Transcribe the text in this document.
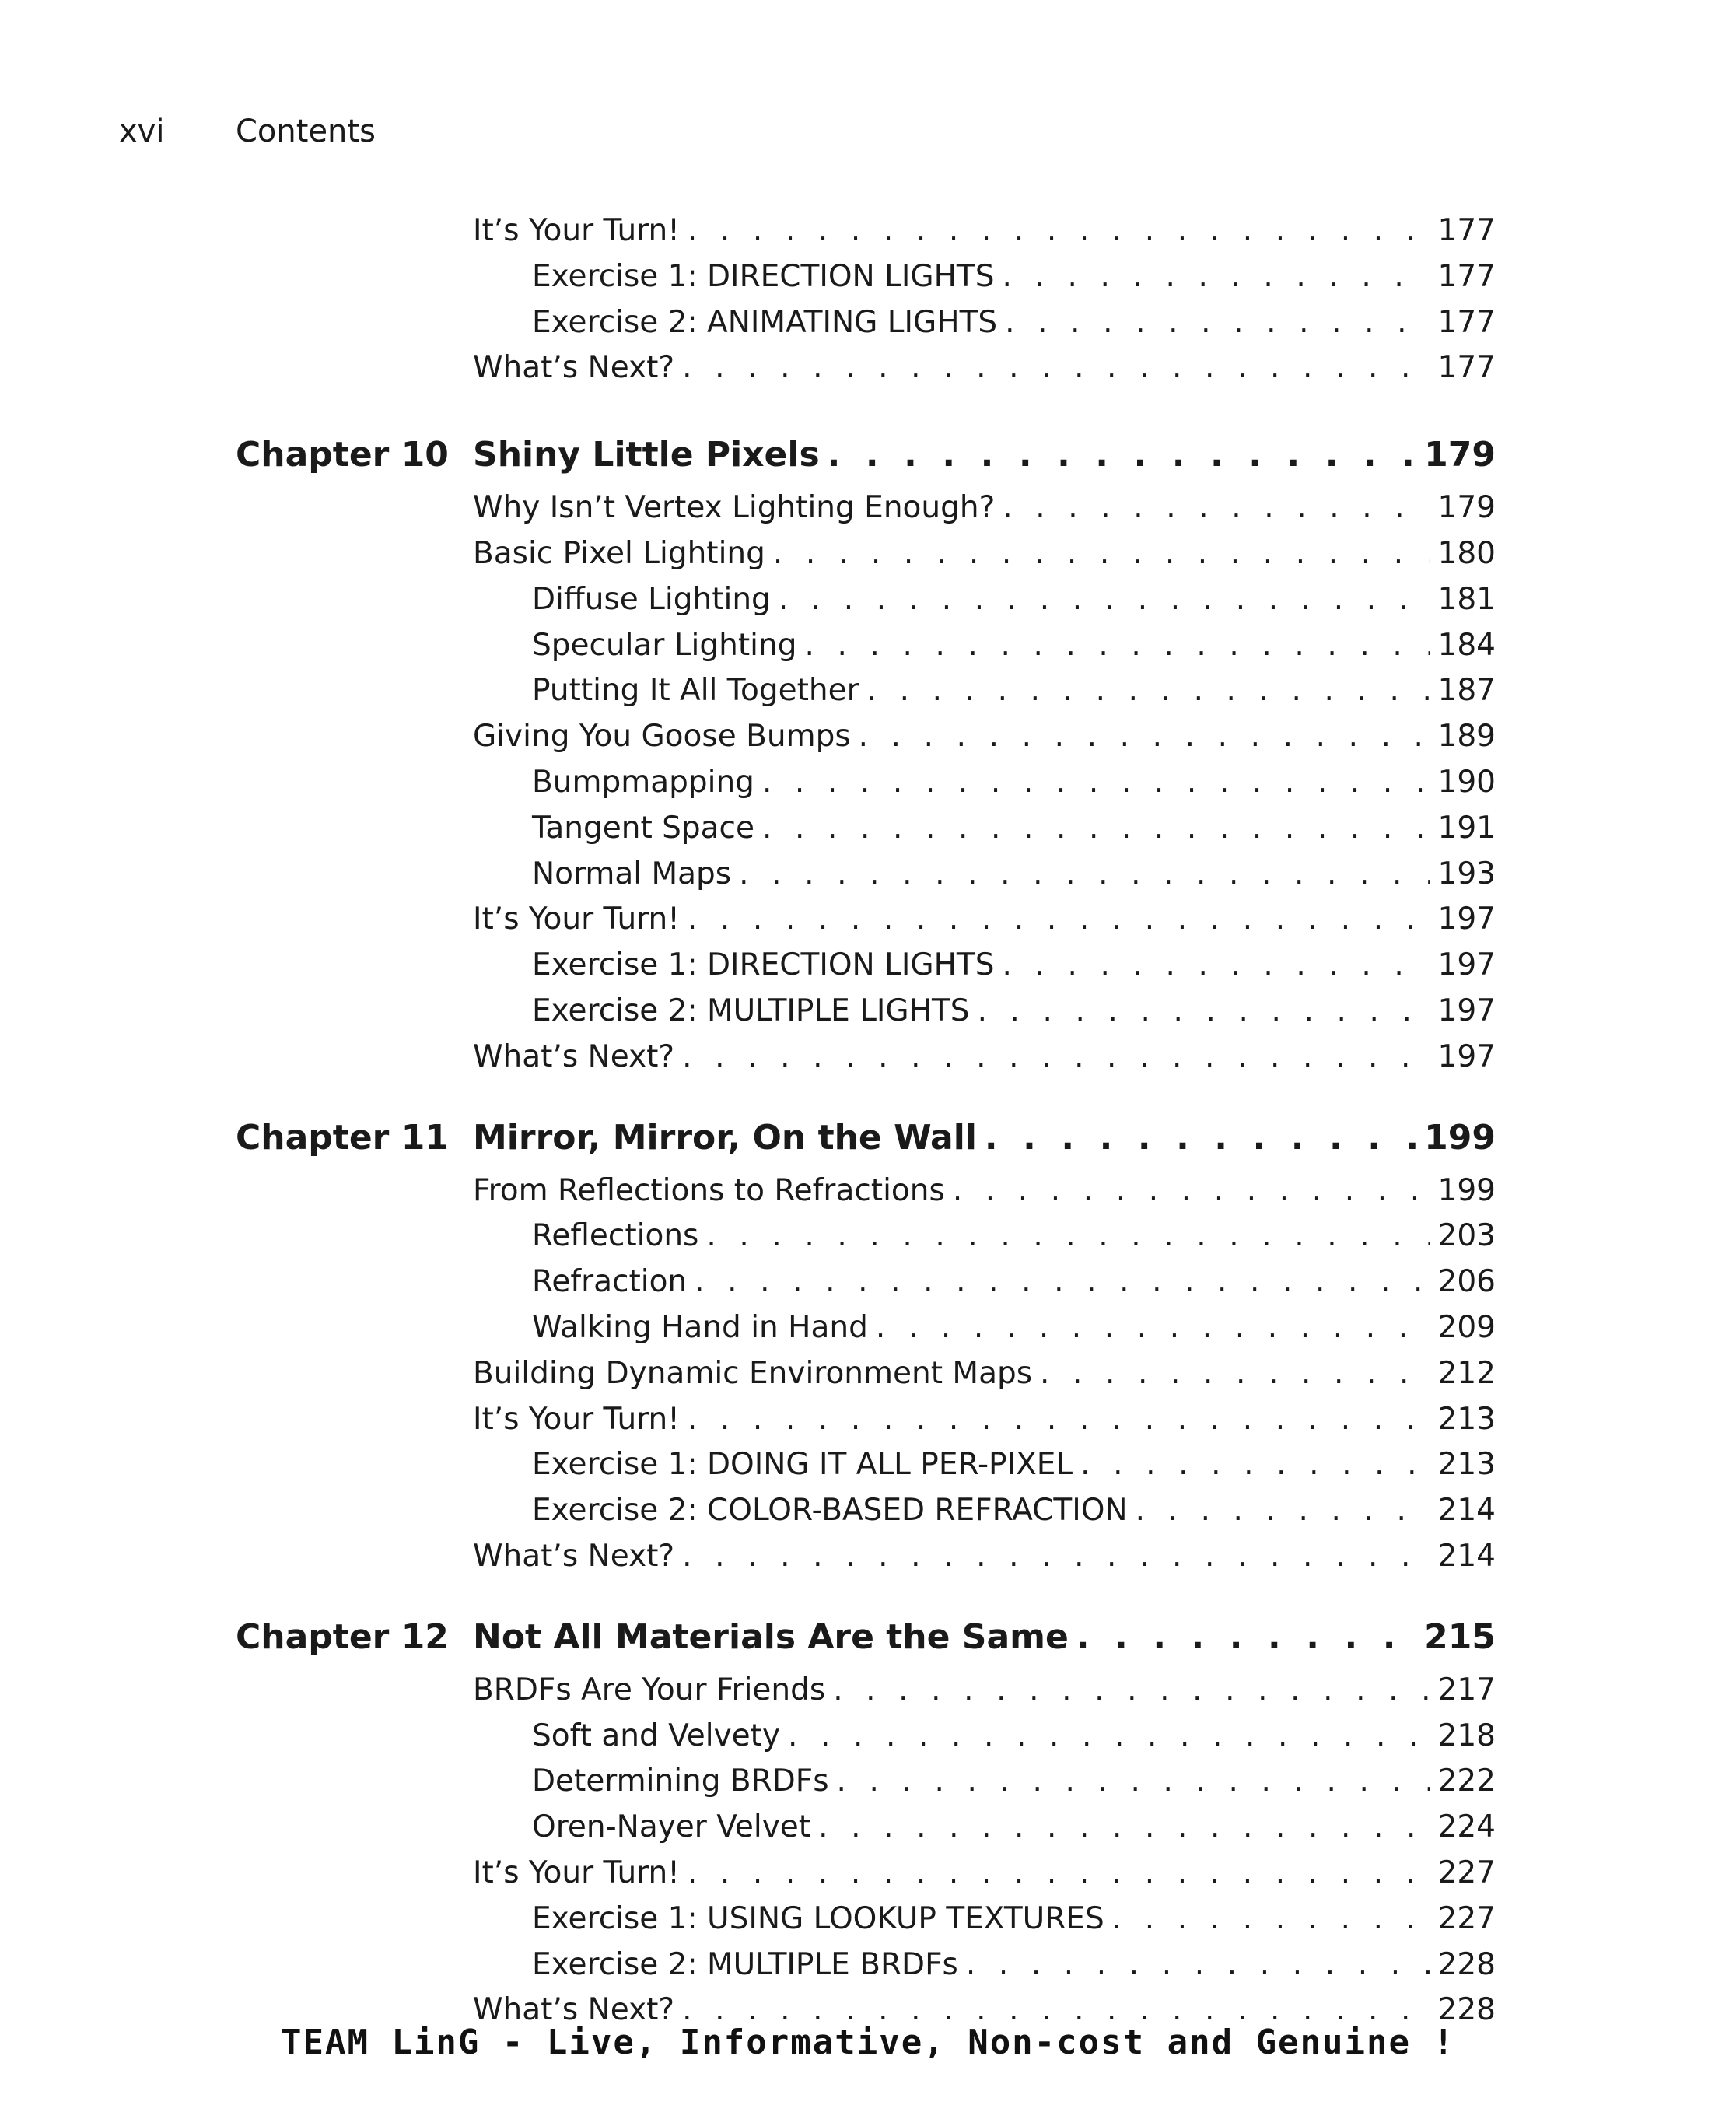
xvi Contents
It’s Your Turn! . . .	177
Exercise 1: DIRECTION LIGHTS . . .	177
Exercise 2: ANIMATING LIGHTS . . .	177
What’s Next? . . .	177
Chapter 10 Shiny Little Pixels . . .	179
Why Isn’t Vertex Lighting Enough? . . .	179
Basic Pixel Lighting . . .	180
Diffuse Lighting . . .	181
Specular Lighting . . .	184
Putting It All Together . . .	187
Giving You Goose Bumps . . .	189
Bumpmapping . . .	190
Tangent Space . . .	191
Normal Maps . . .	193
It’s Your Turn! . . .	197
Exercise 1: DIRECTION LIGHTS . . .	197
Exercise 2: MULTIPLE LIGHTS . . .	197
What’s Next? . . .	197
Chapter 11 Mirror, Mirror, On the Wall . . .	199
From Reflections to Refractions . . .	199
Reflections . . .	203
Refraction . . .	206
Walking Hand in Hand . . .	209
Building Dynamic Environment Maps . . .	212
It’s Your Turn! . . .	213
Exercise 1: DOING IT ALL PER-PIXEL . . .	213
Exercise 2: COLOR-BASED REFRACTION . . .	214
What’s Next? . . .	214
Chapter 12 Not All Materials Are the Same . . .	215
BRDFs Are Your Friends . . .	217
Soft and Velvety . . .	218
Determining BRDFs . . .	222
Oren-Nayer Velvet . . .	224
It’s Your Turn! . . .	227
Exercise 1: USING LOOKUP TEXTURES . . .	227
Exercise 2: MULTIPLE BRDFs . . .	228
What’s Next? . . .	228
TEAM LinG - Live, Informative, Non-cost and Genuine !
